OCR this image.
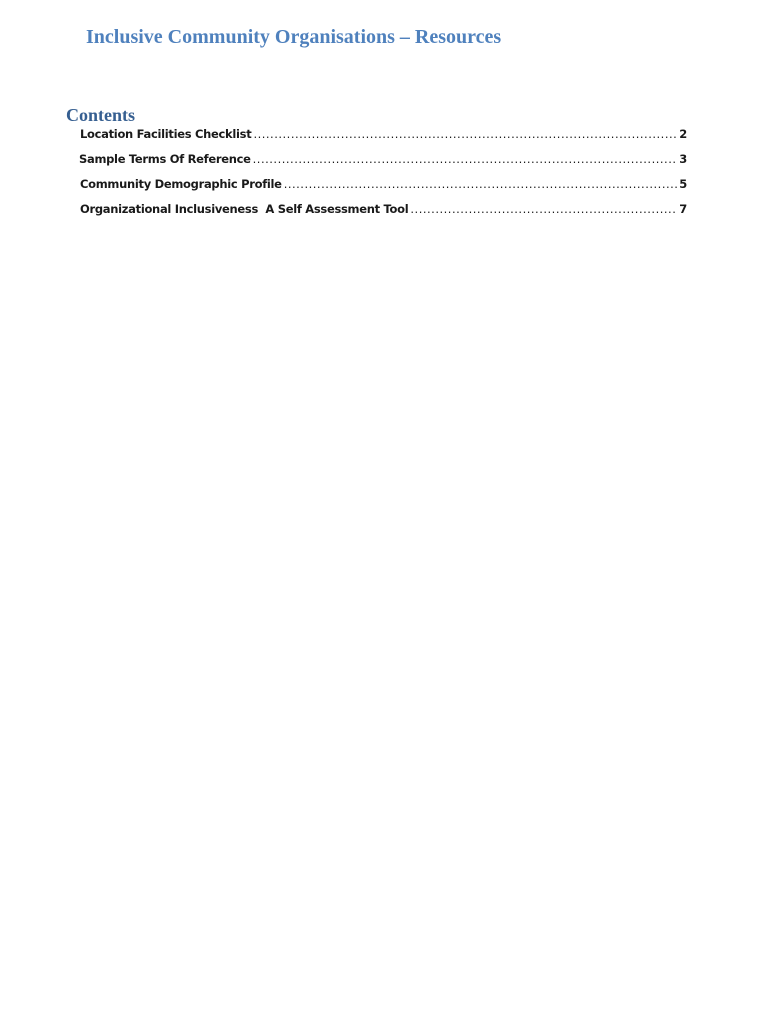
Inclusive Community Organisations – Resources
Contents
Location Facilities Checklist .....	2
Sample Terms Of Reference .....	3
Community Demographic Profile .....	5
Organizational Inclusiveness  A Self Assessment Tool .....	7
